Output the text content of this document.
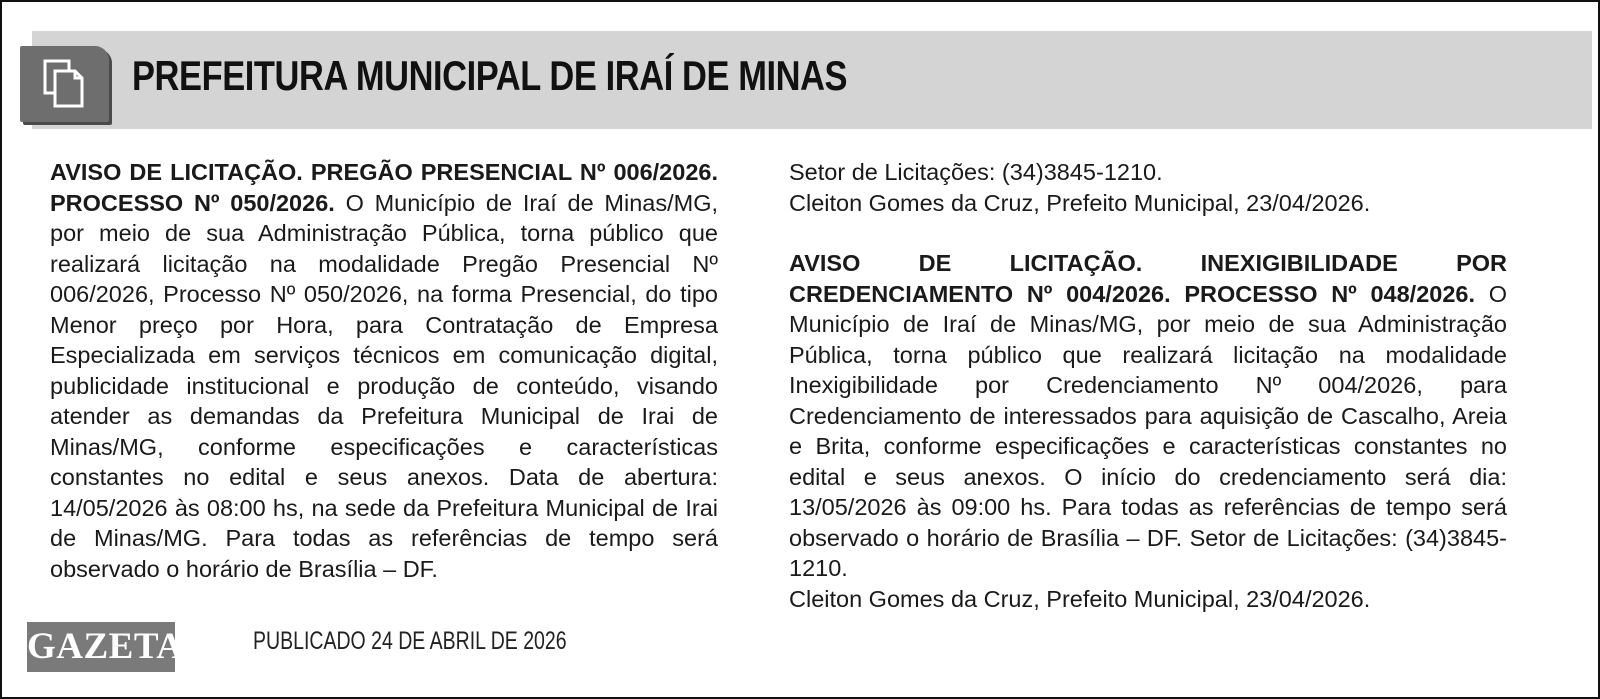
PREFEITURA MUNICIPAL DE IRAÍ DE MINAS
AVISO DE LICITAÇÃO. PREGÃO PRESENCIAL Nº 006/2026. PROCESSO Nº 050/2026. O Município de Iraí de Minas/MG, por meio de sua Administração Pública, torna público que realizará licitação na modalidade Pregão Presencial Nº 006/2026, Processo Nº 050/2026, na forma Presencial, do tipo Menor preço por Hora, para Contratação de Empresa Especializada em serviços técnicos em comunicação digital, publicidade institucional e produção de conteúdo, visando atender as demandas da Prefeitura Municipal de Irai de Minas/MG, conforme especificações e características constantes no edital e seus anexos. Data de abertura: 14/05/2026 às 08:00 hs, na sede da Prefeitura Municipal de Irai de Minas/MG. Para todas as referências de tempo será observado o horário de Brasília – DF.
Setor de Licitações: (34)3845-1210.
Cleiton Gomes da Cruz, Prefeito Municipal, 23/04/2026.
AVISO DE LICITAÇÃO. INEXIGIBILIDADE POR CREDENCIAMENTO Nº 004/2026. PROCESSO Nº 048/2026. O Município de Iraí de Minas/MG, por meio de sua Administração Pública, torna público que realizará licitação na modalidade Inexigibilidade por Credenciamento Nº 004/2026, para Credenciamento de interessados para aquisição de Cascalho, Areia e Brita, conforme especificações e características constantes no edital e seus anexos. O início do credenciamento será dia: 13/05/2026 às 09:00 hs. Para todas as referências de tempo será observado o horário de Brasília – DF. Setor de Licitações: (34)3845-1210.
Cleiton Gomes da Cruz, Prefeito Municipal, 23/04/2026.
GAZETA	PUBLICADO 24 DE ABRIL DE 2026
